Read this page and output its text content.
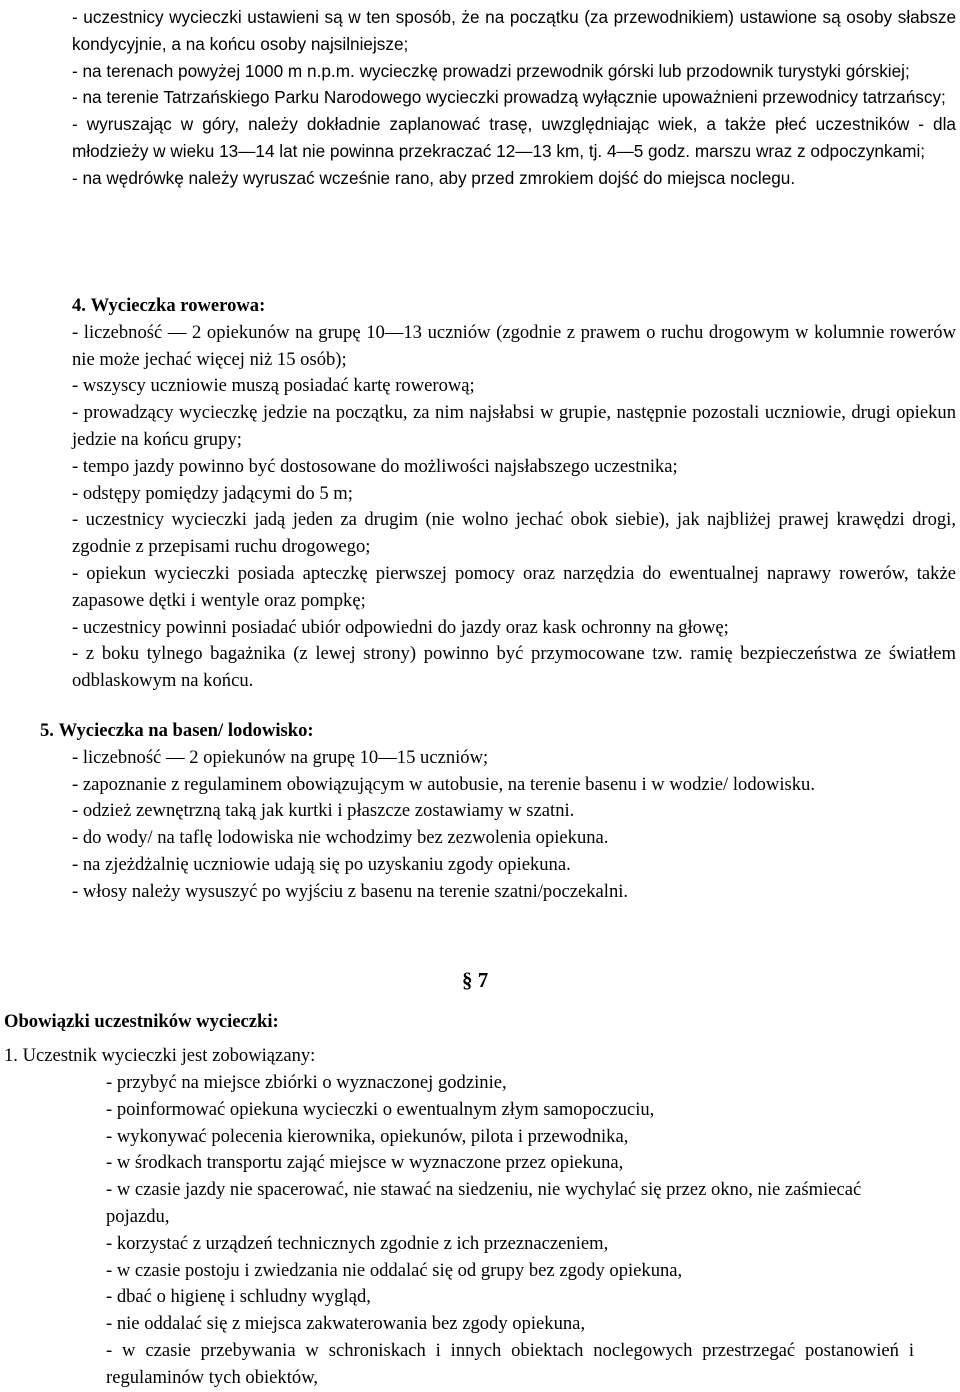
- uczestnicy wycieczki ustawieni są w ten sposób, że na początku (za przewodnikiem) ustawione są osoby słabsze kondycyjnie, a na końcu osoby najsilniejsze;
- na terenach powyżej 1000 m n.p.m. wycieczkę prowadzi przewodnik górski lub przodownik turystyki górskiej;
- na terenie Tatrzańskiego Parku Narodowego wycieczki prowadzą wyłącznie upoważnieni przewodnicy tatrzańscy;
- wyruszając w góry, należy dokładnie zaplanować trasę, uwzględniając wiek, a także płeć uczestników - dla młodzieży w wieku 13—14 lat nie powinna przekraczać 12—13 km, tj. 4—5 godz. marszu wraz z odpoczynkami;
- na wędrówkę należy wyruszać wcześnie rano, aby przed zmrokiem dojść do miejsca noclegu.
4. Wycieczka rowerowa:
- liczebność — 2 opiekunów na grupę 10—13 uczniów (zgodnie z prawem o ruchu drogowym w kolumnie rowerów nie może jechać więcej niż 15 osób);
- wszyscy uczniowie muszą posiadać kartę rowerową;
- prowadzący wycieczkę jedzie na początku, za nim najsłabsi w grupie, następnie pozostali uczniowie, drugi opiekun jedzie na końcu grupy;
- tempo jazdy powinno być dostosowane do możliwości najsłabszego uczestnika;
- odstępy pomiędzy jadącymi do 5 m;
- uczestnicy wycieczki jadą jeden za drugim (nie wolno jechać obok siebie), jak najbliżej prawej krawędzi drogi, zgodnie z przepisami ruchu drogowego;
- opiekun wycieczki posiada apteczkę pierwszej pomocy oraz narzędzia do ewentualnej naprawy rowerów, także zapasowe dętki i wentyle oraz pompkę;
- uczestnicy powinni posiadać ubiór odpowiedni do jazdy oraz kask ochronny na głowę;
- z boku tylnego bagażnika (z lewej strony) powinno być przymocowane tzw. ramię bezpieczeństwa ze światłem odblaskowym na końcu.
5. Wycieczka na basen/ lodowisko:
- liczebność — 2 opiekunów na grupę 10—15 uczniów;
- zapoznanie z regulaminem obowiązującym w autobusie, na terenie basenu i w wodzie/ lodowisku.
- odzież zewnętrzną taką jak kurtki i płaszcze zostawiamy w szatni.
- do wody/ na taflę lodowiska nie wchodzimy bez zezwolenia opiekuna.
- na zjeżdżalnię uczniowie udają się po uzyskaniu zgody opiekuna.
- włosy należy wysuszyć po wyjściu z basenu na terenie szatni/poczekalni.
§ 7
Obowiązki uczestników wycieczki:
1. Uczestnik wycieczki jest zobowiązany:
- przybyć na miejsce zbiórki o wyznaczonej godzinie,
- poinformować opiekuna wycieczki o ewentualnym złym samopoczuciu,
- wykonywać polecenia kierownika, opiekunów, pilota i przewodnika,
- w środkach transportu zająć miejsce w wyznaczone przez opiekuna,
- w czasie jazdy nie spacerować, nie stawać na siedzeniu, nie wychylać się przez okno, nie zaśmiecać pojazdu,
- korzystać z urządzeń technicznych zgodnie z ich przeznaczeniem,
- w czasie postoju i zwiedzania nie oddalać się od grupy bez zgody opiekuna,
- dbać o higienę i schludny wygląd,
- nie oddalać się z miejsca zakwaterowania bez zgody opiekuna,
- w czasie przebywania w schroniskach i innych obiektach noclegowych przestrzegać postanowień i regulaminów tych obiektów,
